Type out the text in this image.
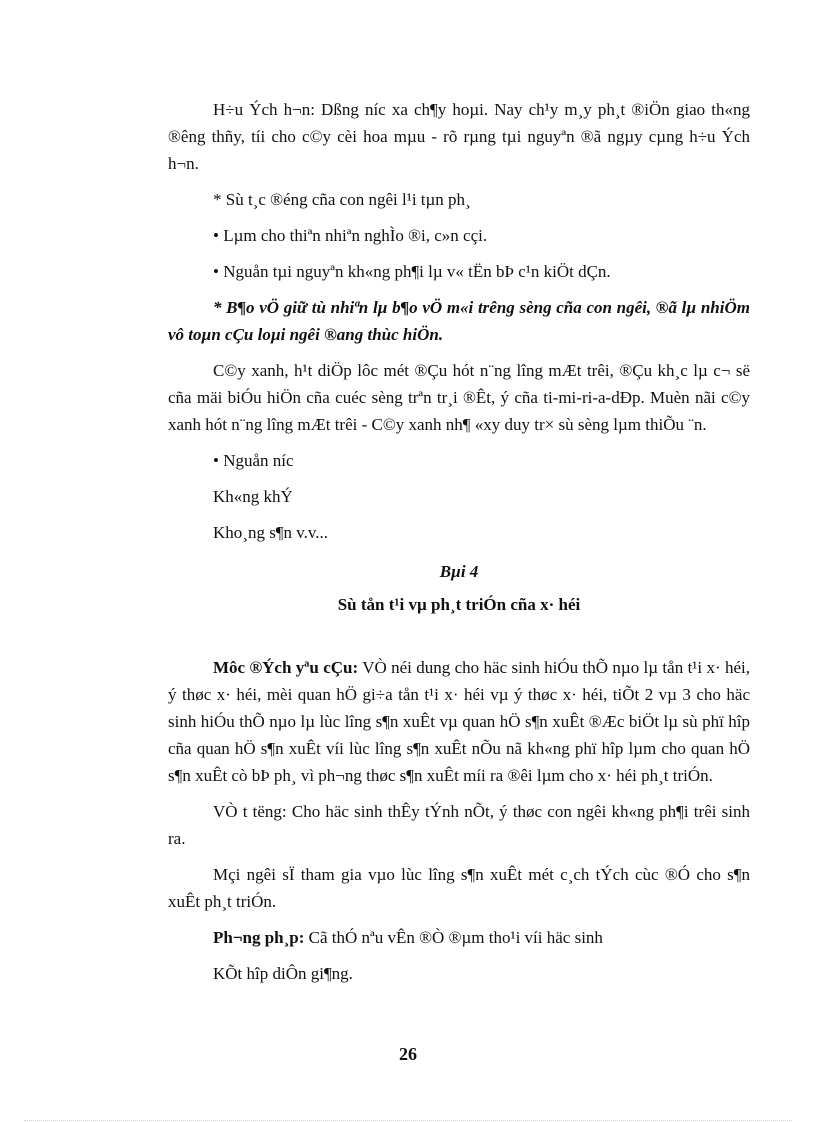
H÷u Ých h¬n: Dßng níc xa ch¶y hoµi. Nay ch¹y m¸y ph¸t ®iÖn giao th«ng ®êng thñy, tíi cho c©y cèi hoa mµu - rõ rµng tµi nguyªn ®ã ngµy cµng h÷u Ých h¬n.

* Sù t¸c ®éng cña con ngêi l¹i tµn ph¸

• Lµm cho thiªn nhiªn nghÌo ®i, c»n cçi.

• Nguån tµi nguyªn kh«ng ph¶i lµ v« tËn bÞ c¹n kiÖt dÇn.

* B¶o vÖ giữ tù nhiªn lµ b¶o vÖ m«i trêng sèng cña con ngêi, ®ã lµ nhiÖm vô toµn cÇu loµi ngêi ®ang thùc hiÖn.

C©y xanh, h¹t diÖp lôc mét ®Çu hót n¨ng lîng mÆt trêi, ®Çu kh¸c lµ c¬ së cña mäi biÓu hiÖn cña cuéc sèng trªn tr¸i ®Êt, ý cña ti-mi-ri-a-dÐp. Muèn nãi c©y xanh hót n¨ng lîng mÆt trêi - C©y xanh nh¶ «xy duy tr× sù sèng lµm thiÕu ¨n.

• Nguån níc

Kh«ng khÝ

Kho¸ng s¶n v.v...

Bµi 4

Sù tån t¹i vµ ph¸t triÓn cña x· héi

Môc ®Ých yªu cÇu: VÒ néi dung cho häc sinh hiÓu thÕ nµo lµ tån t¹i x· héi, ý thøc x· héi, mèi quan hÖ gi÷a tån t¹i x· héi vµ ý thøc x· héi, tiÕt 2 vµ 3 cho häc sinh hiÓu thÕ nµo lµ lùc lîng s¶n xuÊt vµ quan hÖ s¶n xuÊt ®Æc biÖt lµ sù phï hîp cña quan hÖ s¶n xuÊt víi lùc lîng s¶n xuÊt nÕu nã kh«ng phï hîp lµm cho quan hÖ s¶n xuÊt cò bÞ ph¸ vì ph¬ng thøc s¶n xuÊt míi ra ®êi lµm cho x· héi ph¸t triÓn.

VÒ t tëng: Cho häc sinh thÊy tÝnh nÕt, ý thøc con ngêi kh«ng ph¶i trêi sinh ra.

Mçi ngêi sÏ tham gia vµo lùc lîng s¶n xuÊt mét c¸ch tÝch cùc ®Ó cho s¶n xuÊt ph¸t triÓn.

Ph¬ng ph¸p: Cã thÓ nªu vÊn ®Ò ®µm tho¹i víi häc sinh

KÕt hîp diÔn gi¶ng.

26
